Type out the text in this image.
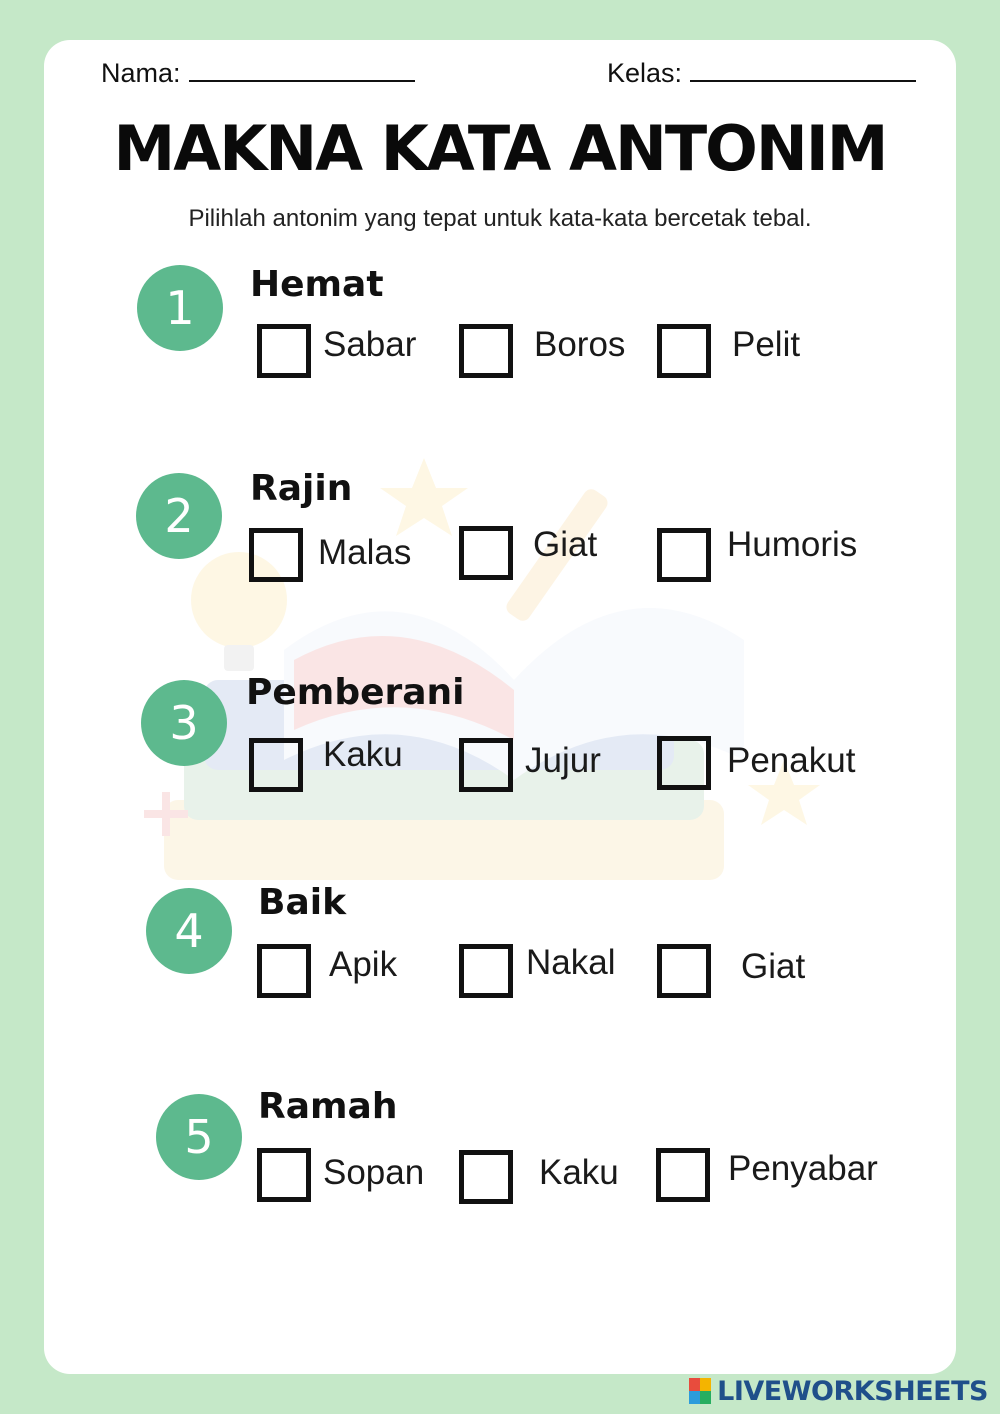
Nama:	Kelas:
MAKNA KATA ANTONIM

Pilihlah antonim yang tepat untuk kata-kata bercetak tebal.

1	Hemat
Sabar	Boros	Pelit
2
Rajin
Malas	Giat	Humoris
3
Pemberani
Kaku	Jujur	Penakut
4
Baik
Apik	Nakal	Giat
5
Ramah
Sopan	Kaku	Penyabar
LIVEWORKSHEETS
